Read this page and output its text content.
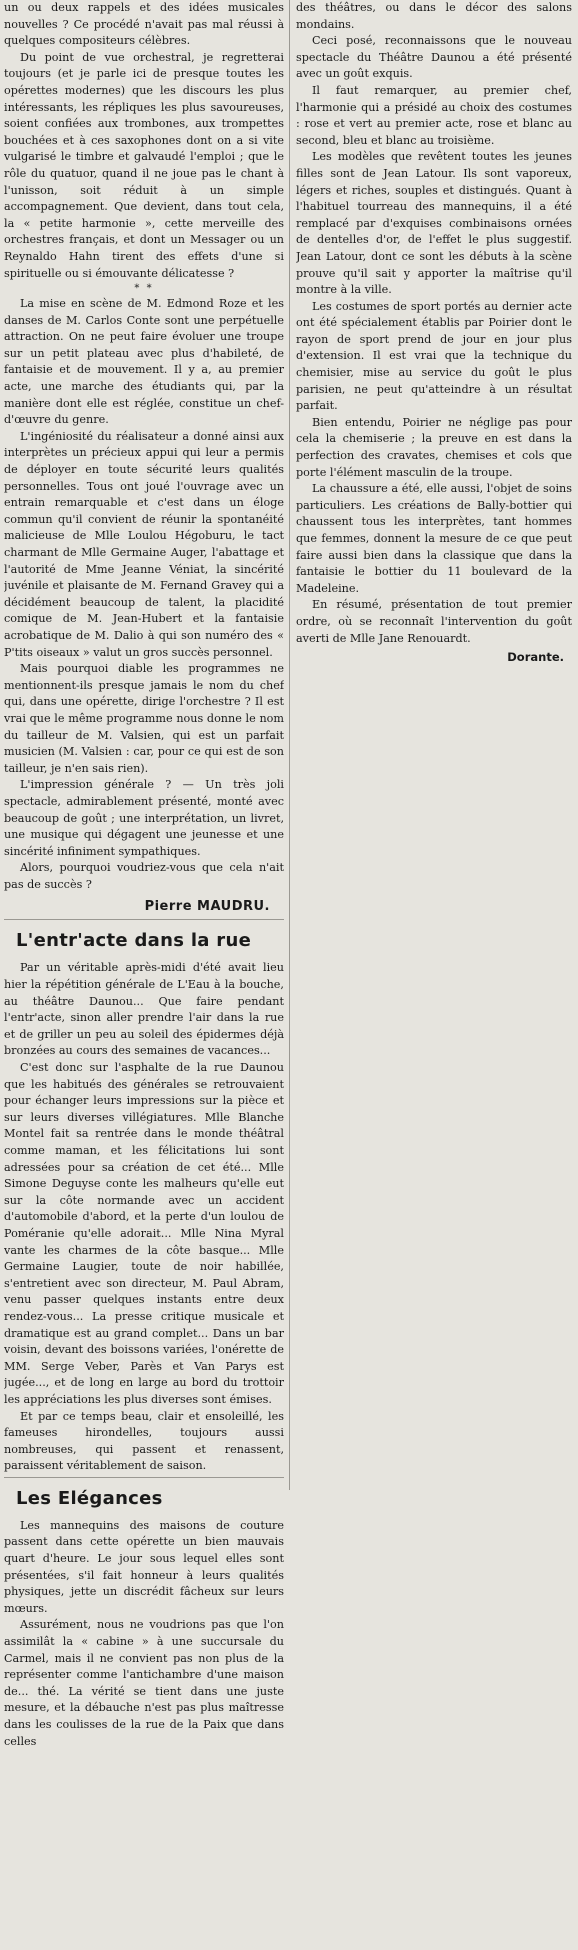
un ou deux rappels et des idées musicales nouvelles ? Ce procédé n'avait pas mal réussi à quelques compositeurs célèbres.

Du point de vue orchestral, je regretterai toujours (et je parle ici de presque toutes les opérettes modernes) que les discours les plus intéressants, les répliques les plus savoureuses, soient confiées aux trombones, aux trompettes bouchées et à ces saxophones dont on a si vite vulgarisé le timbre et galvaudé l'emploi ; que le rôle du quatuor, quand il ne joue pas le chant à l'unisson, soit réduit à un simple accompagnement. Que devient, dans tout cela, la « petite harmonie », cette merveille des orchestres français, et dont un Messager ou un Reynaldo Hahn tirent des effets d'une si spirituelle ou si émouvante délicatesse ?

* *

La mise en scène de M. Edmond Roze et les danses de M. Carlos Conte sont une perpétuelle attraction. On ne peut faire évoluer une troupe sur un petit plateau avec plus d'habileté, de fantaisie et de mouvement. Il y a, au premier acte, une marche des étudiants qui, par la manière dont elle est réglée, constitue un chef-d'œuvre du genre.

L'ingéniosité du réalisateur a donné ainsi aux interprètes un précieux appui qui leur a permis de déployer en toute sécurité leurs qualités personnelles. Tous ont joué l'ouvrage avec un entrain remarquable et c'est dans un éloge commun qu'il convient de réunir la spontanéité malicieuse de Mlle Loulou Hégoburu, le tact charmant de Mlle Germaine Auger, l'abattage et l'autorité de Mme Jeanne Véniat, la sincérité juvénile et plaisante de M. Fernand Gravey qui a décidément beaucoup de talent, la placidité comique de M. Jean-Hubert et la fantaisie acrobatique de M. Dalio à qui son numéro des « P'tits oiseaux » valut un gros succès personnel.

Mais pourquoi diable les programmes ne mentionnent-ils presque jamais le nom du chef qui, dans une opérette, dirige l'orchestre ? Il est vrai que le même programme nous donne le nom du tailleur de M. Valsien, qui est un parfait musicien (M. Valsien : car, pour ce qui est de son tailleur, je n'en sais rien).

L'impression générale ? — Un très joli spectacle, admirablement présenté, monté avec beaucoup de goût ; une interprétation, un livret, une musique qui dégagent une jeunesse et une sincérité infiniment sympathiques.

Alors, pourquoi voudriez-vous que cela n'ait pas de succès ?

Pierre MAUDRU.
L'entr'acte dans la rue

Par un véritable après-midi d'été avait lieu hier la répétition générale de L'Eau à la bouche, au théâtre Daunou... Que faire pendant l'entr'acte, sinon aller prendre l'air dans la rue et de griller un peu au soleil des épidermes déjà bronzées au cours des semaines de vacances...

C'est donc sur l'asphalte de la rue Daunou que les habitués des générales se retrouvaient pour échanger leurs impressions sur la pièce et sur leurs diverses villégiatures. Mlle Blanche Montel fait sa rentrée dans le monde théâtral comme maman, et les félicitations lui sont adressées pour sa création de cet été... Mlle Simone Deguyse conte les malheurs qu'elle eut sur la côte normande avec un accident d'automobile d'abord, et la perte d'un loulou de Poméranie qu'elle adorait... Mlle Nina Myral vante les charmes de la côte basque... Mlle Germaine Laugier, toute de noir habillée, s'entretient avec son directeur, M. Paul Abram, venu passer quelques instants entre deux rendez-vous... La presse critique musicale et dramatique est au grand complet... Dans un bar voisin, devant des boissons variées, l'onérette de MM. Serge Veber, Parès et Van Parys est jugée..., et de long en large au bord du trottoir les appréciations les plus diverses sont émises.

Et par ce temps beau, clair et ensoleillé, les fameuses hirondelles, toujours aussi nombreuses, qui passent et renassent, paraissent véritablement de saison.

Les Elégances

Les mannequins des maisons de couture passent dans cette opérette un bien mauvais quart d'heure. Le jour sous lequel elles sont présentées, s'il fait honneur à leurs qualités physiques, jette un discrédit fâcheux sur leurs mœurs.

Assurément, nous ne voudrions pas que l'on assimilât la « cabine » à une succursale du Carmel, mais il ne convient pas non plus de la représenter comme l'antichambre d'une maison de... thé. La vérité se tient dans une juste mesure, et la débauche n'est pas plus maîtresse dans les coulisses de la rue de la Paix que dans celles

des théâtres, ou dans le décor des salons mondains.

Ceci posé, reconnaissons que le nouveau spectacle du Théâtre Daunou a été présenté avec un goût exquis.

Il faut remarquer, au premier chef, l'harmonie qui a présidé au choix des costumes : rose et vert au premier acte, rose et blanc au second, bleu et blanc au troisième.

Les modèles que revêtent toutes les jeunes filles sont de Jean Latour. Ils sont vaporeux, légers et riches, souples et distingués. Quant à l'habituel tourreau des mannequins, il a été remplacé par d'exquises combinaisons ornées de dentelles d'or, de l'effet le plus suggestif. Jean Latour, dont ce sont les débuts à la scène prouve qu'il sait y apporter la maîtrise qu'il montre à la ville.

Les costumes de sport portés au dernier acte ont été spécialement établis par Poirier dont le rayon de sport prend de jour en jour plus d'extension. Il est vrai que la technique du chemisier, mise au service du goût le plus parisien, ne peut qu'atteindre à un résultat parfait.

Bien entendu, Poirier ne néglige pas pour cela la chemiserie ; la preuve en est dans la perfection des cravates, chemises et cols que porte l'élément masculin de la troupe.

La chaussure a été, elle aussi, l'objet de soins particuliers. Les créations de Bally-bottier qui chaussent tous les interprètes, tant hommes que femmes, donnent la mesure de ce que peut faire aussi bien dans la classique que dans la fantaisie le bottier du 11 boulevard de la Madeleine.

En résumé, présentation de tout premier ordre, où se reconnaît l'intervention du goût averti de Mlle Jane Renouardt.

Dorante.
